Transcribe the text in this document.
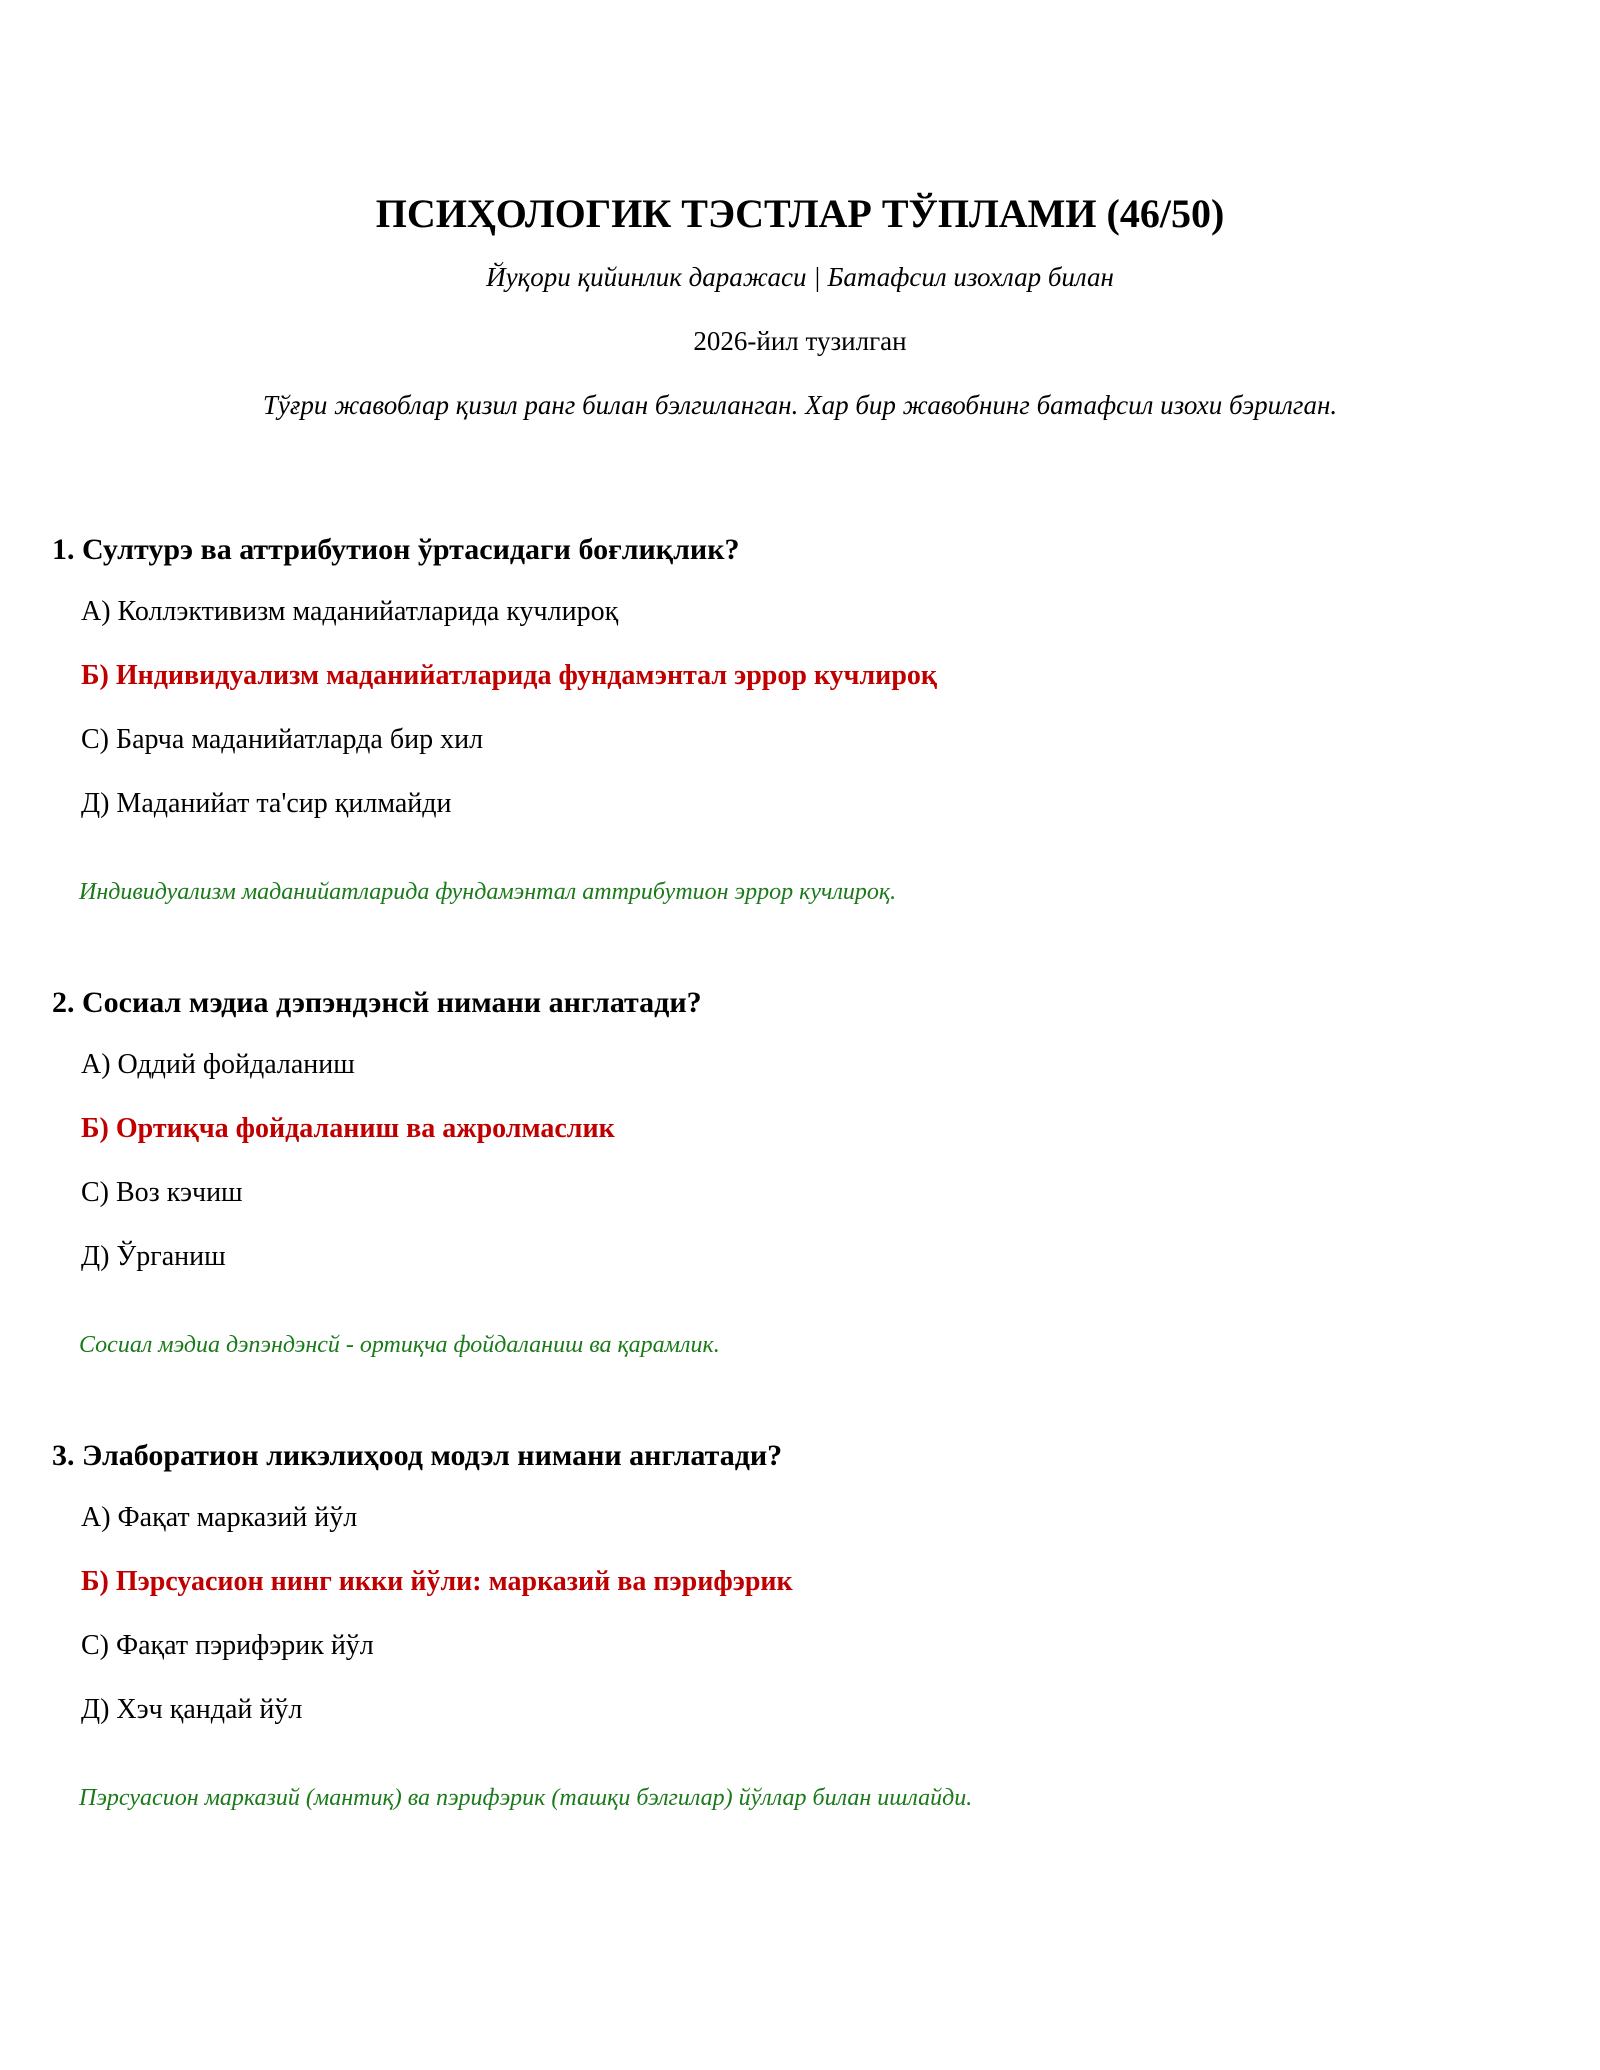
ПСИҲОЛОГИК ТЭСТЛАР ТЎПЛАМИ (46/50)

Йуқори қийинлик даражаси | Батафсил изохлар билан

2026-йил тузилган

Тўғри жавоблар қизил ранг билан бэлгиланган. Хар бир жавобнинг батафсил изохи бэрилган.

1. Султурэ ва аттрибутион ўртасидаги боғлиқлик?

А) Коллэктивизм маданийатларида кучлироқ

Б) Индивидуализм маданийатларида фундамэнтал эррор кучлироқ

С) Барча маданийатларда бир хил

Д) Маданийат та'сир қилмайди

Индивидуализм маданийатларида фундамэнтал аттрибутион эррор кучлироқ.

2. Сосиал мэдиа дэпэндэнсй нимани англатади?

А) Оддий фойдаланиш

Б) Ортиқча фойдаланиш ва ажролмаслик

С) Воз кэчиш

Д) Ўрганиш

Сосиал мэдиа дэпэндэнсй - ортиқча фойдаланиш ва қарамлик.

3. Элаборатион ликэлиҳоод модэл нимани англатади?

А) Фақат марказий йўл

Б) Пэрсуасион нинг икки йўли: марказий ва пэрифэрик

С) Фақат пэрифэрик йўл

Д) Хэч қандай йўл

Пэрсуасион марказий (мантиқ) ва пэрифэрик (ташқи бэлгилар) йўллар билан ишлайди.
